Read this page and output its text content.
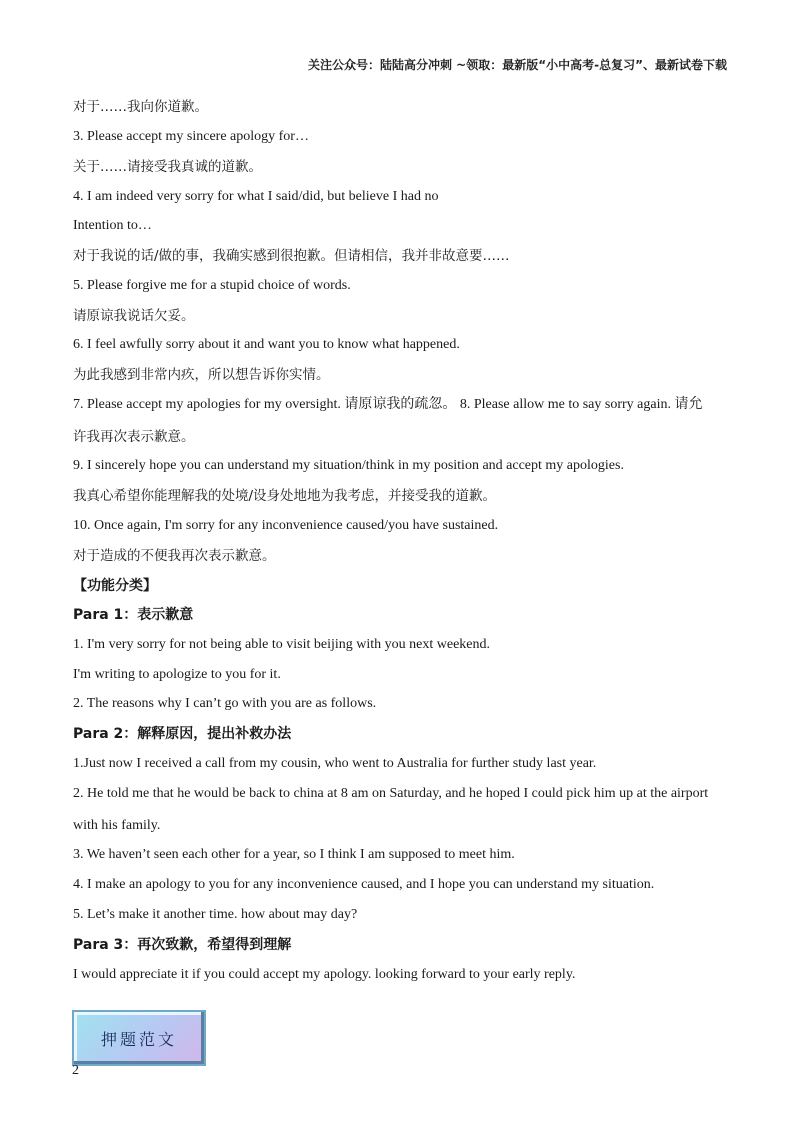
关注公众号：陆陆高分冲刺 ~领取：最新版“小中高考-总复习”、最新试卷下载
对于……我向你道歉。
3. Please accept my sincere apology for…
关于……请接受我真诚的道歉。
4. I am indeed very sorry for what I said/did, but believe I had no
Intention to…
对于我说的话/做的事，我确实感到很抱歉。但请相信，我并非故意要……
5. Please forgive me for a stupid choice of words.
请原谅我说话欠妥。
6. I feel awfully sorry about it and want you to know what happened.
为此我感到非常内疚，所以想告诉你实情。
7. Please accept my apologies for my oversight. 请原谅我的疏忽。 8. Please allow me to say sorry again. 请允
许我再次表示歉意。
9. I sincerely hope you can understand my situation/think in my position and accept my apologies.
我真心希望你能理解我的处境/设身处地地为我考虑，并接受我的道歉。
10. Once again, I'm sorry for any inconvenience caused/you have sustained.
对于造成的不便我再次表示歉意。
【功能分类】
Para 1：表示歉意
1. I'm very sorry for not being able to visit beijing with you next weekend.
I'm writing to apologize to you for it.
2. The reasons why I can’t go with you are as follows.
Para 2：解释原因，提出补救办法
1.Just now I received a call from my cousin, who went to Australia for further study last year.
2. He told me that he would be back to china at 8 am on Saturday, and he hoped I could pick him up at the airport
with his family.
3. We haven’t seen each other for a year, so I think I am supposed to meet him.
4. I make an apology to you for any inconvenience caused, and I hope you can understand my situation.
5. Let’s make it another time. how about may day?
Para 3：再次致歉，希望得到理解
I would appreciate it if you could accept my apology. looking forward to your early reply.
押题范文
2
